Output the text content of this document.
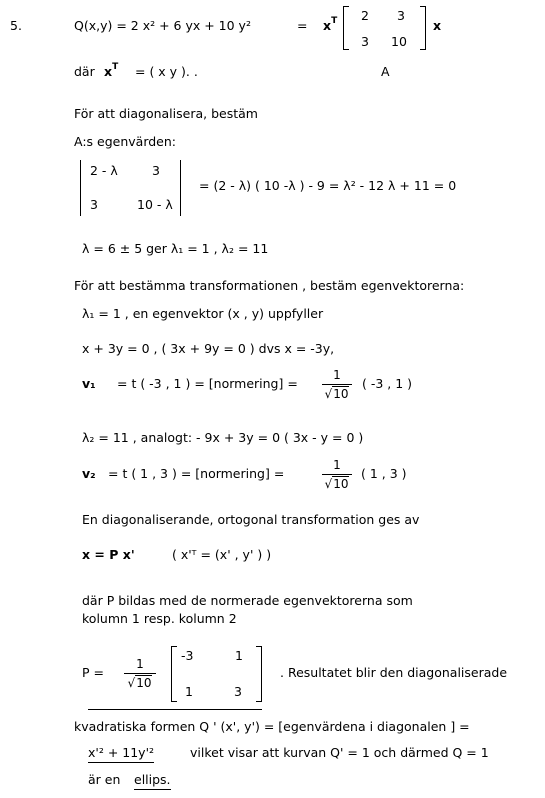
5.	Q(x,y) = 2 x² + 6 yx + 10 y²	= $x^T$ 2 3
3 10
x
där $x^T$ = ( x y ). .	A
För att diagonalisera, bestäm
A:s egenvärden:
2 - λ	3
3	10 - λ
= (2 - λ) ( 10 -λ ) - 9 = λ² - 12 λ + 11 = 0
λ = 6 ± 5 ger λ₁ = 1 , λ₂ = 11
För att bestämma transformationen , bestäm egenvektorerna:
λ₁ = 1 , en egenvektor (x , y) uppfyller
x + 3y = 0 , ( 3x + 9y = 0 ) dvs x = -3y,
v₁ = t ( -3 , 1 ) = [normering] = $\frac{1}{√10}$ ( -3 , 1 )
λ₂ = 11 , analogt: - 9x + 3y = 0 ( 3x - y = 0 )
v₂ = t ( 1 , 3 ) = [normering] =	$\frac{1}{√10}$ ( 1 , 3 )
En diagonaliserande, ortogonal transformation ges av
x = P x'	( x'ᵀ = (x' , y' ) )
där P bildas med de normerade egenvektorerna som
kolumn 1 resp. kolumn 2
$P = \frac{1}{√10}$
-3	1
1	3
. Resultatet blir den diagonaliserade
kvadratiska formen Q ' (x', y') = [egenvärdena i diagonalen ] =
x'² + 11y'²	vilket visar att kurvan Q' = 1 och därmed Q = 1
är en ellips.
